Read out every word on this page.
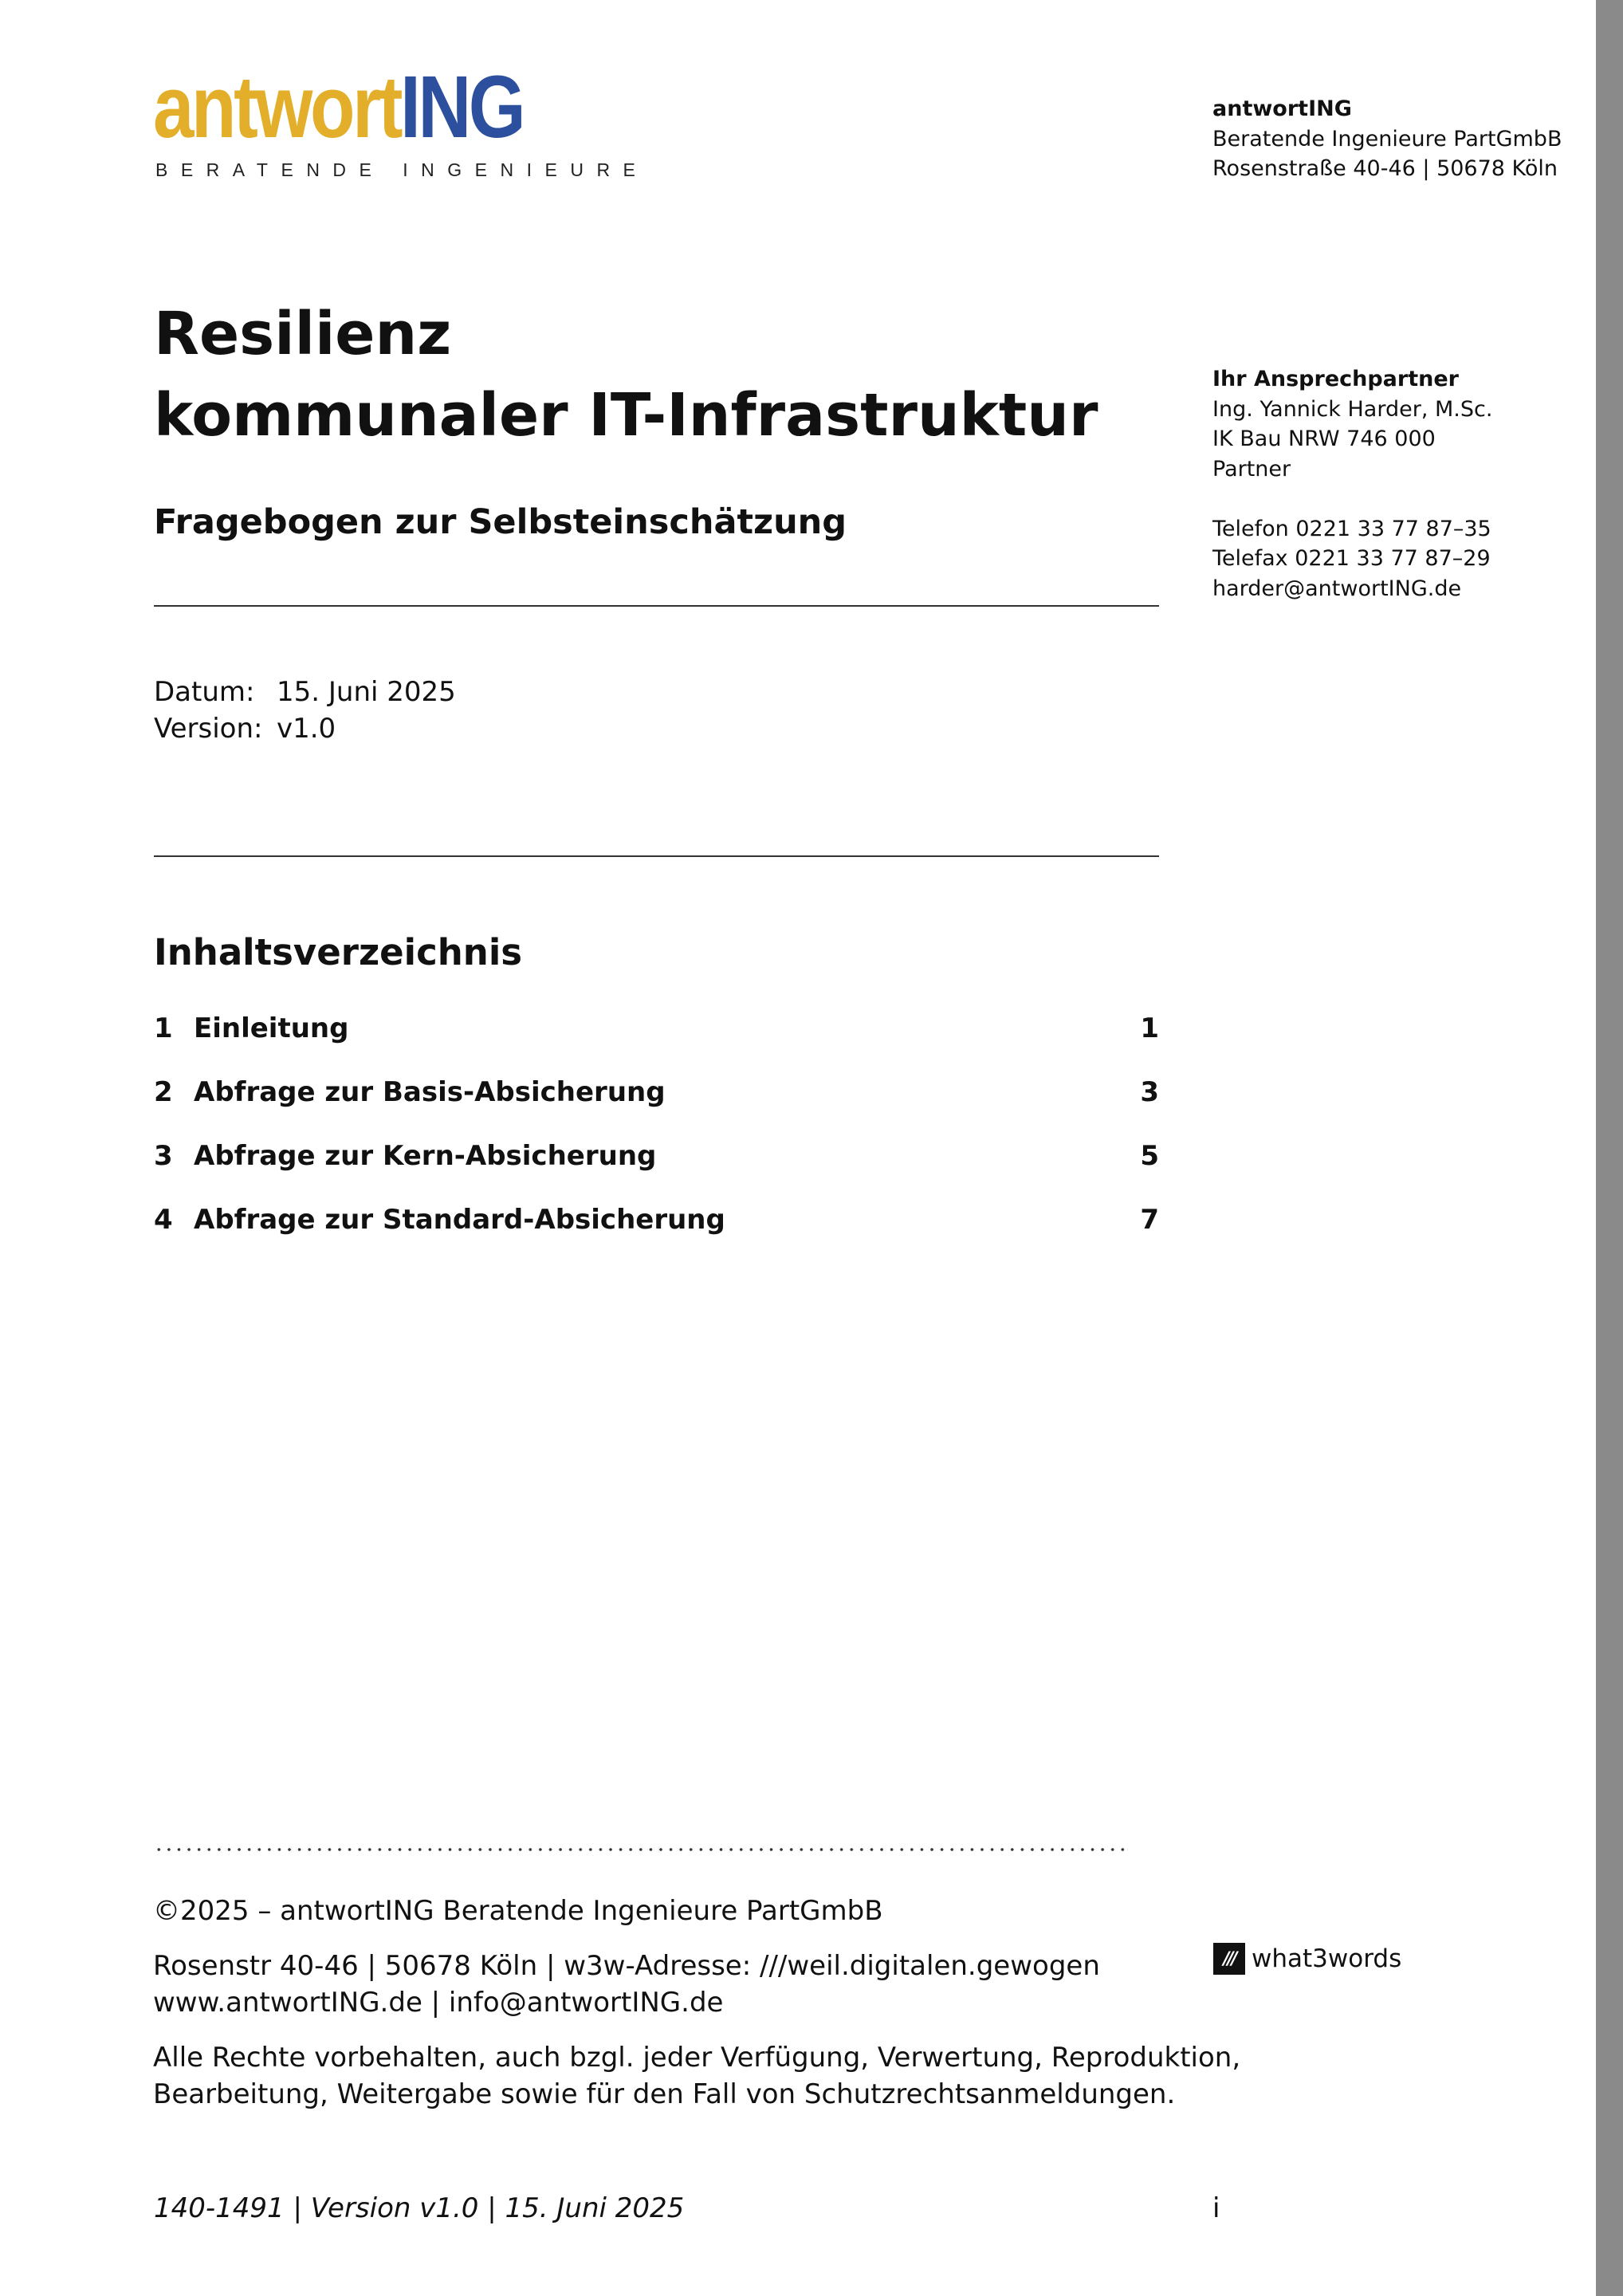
antwortING
BERATENDE INGENIEURE
antwortING
Beratende Ingenieure PartGmbB
Rosenstraße 40-46 | 50678 Köln
Ihr Ansprechpartner
Ing. Yannick Harder, M.Sc.
IK Bau NRW 746 000
Partner
Telefon 0221 33 77 87–35
Telefax 0221 33 77 87–29
harder@antwortING.de
Resilienz
kommunaler IT-Infrastruktur
Fragebogen zur Selbsteinschätzung
Datum: 15. Juni 2025
Version: v1.0
Inhaltsverzeichnis
1 Einleitung	1
2 Abfrage zur Basis-Absicherung	3
3 Abfrage zur Kern-Absicherung	5
4 Abfrage zur Standard-Absicherung	7
©2025 – antwortING Beratende Ingenieure PartGmbB
Rosenstr 40-46 | 50678 Köln | w3w-Adresse: ///weil.digitalen.gewogen
www.antwortING.de | info@antwortING.de
Alle Rechte vorbehalten, auch bzgl. jeder Verfügung, Verwertung, Reproduktion,
Bearbeitung, Weitergabe sowie für den Fall von Schutzrechtsanmeldungen.
/// what3words
140-1491 | Version v1.0 | 15. Juni 2025	i
